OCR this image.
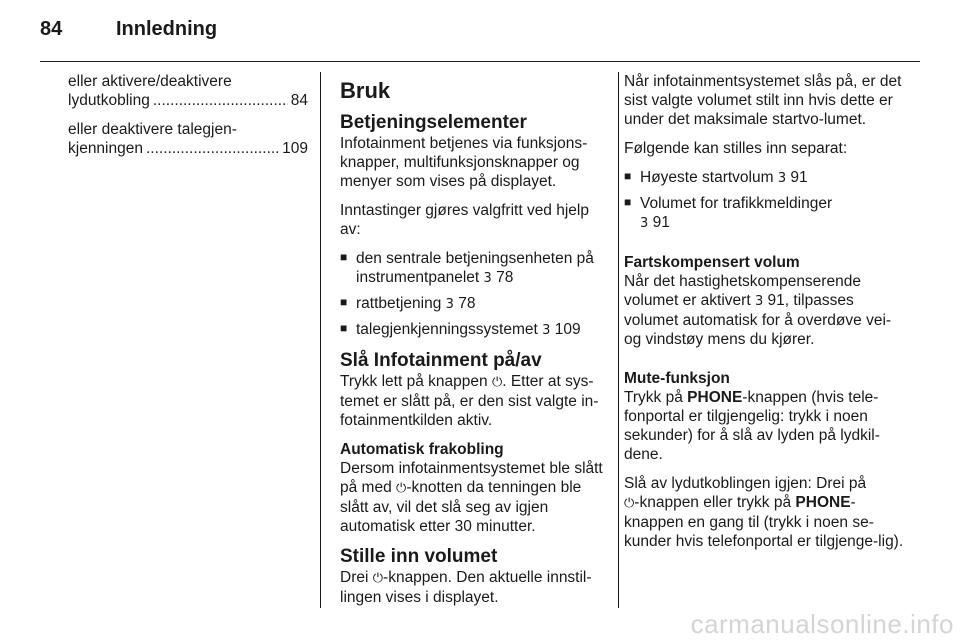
84	Innledning
eller aktivere/deaktivere
lydutkobling .....	84
eller deaktivere talegjen-
kjenningen .....	109
Bruk
Betjeningselementer

Infotainment betjenes via funksjons-knapper, multifunksjonsknapper og menyer som vises på displayet.

Inntastinger gjøres valgfritt ved hjelp av:

■ den sentrale betjeningsenheten på instrumentpanelet 3 78
■ rattbetjening 3 78
■ talegjenkjenningssystemet 3 109
Slå Infotainment på/av

Trykk lett på knappen ⏻. Etter at sys-temet er slått på, er den sist valgte in-fotainmentkilden aktiv.

Automatisk frakobling

Dersom infotainmentsystemet ble slått på med ⏻-knotten da tenningen ble slått av, vil det slå seg av igjen automatisk etter 30 minutter.

Stille inn volumet

Drei ⏻-knappen. Den aktuelle innstil-lingen vises i displayet.

Når infotainmentsystemet slås på, er det sist valgte volumet stilt inn hvis dette er under det maksimale startvo-lumet.

Følgende kan stilles inn separat:

■ Høyeste startvolum 3 91
■ Volumet for trafikkmeldinger
3 91
Fartskompensert volum

Når det hastighetskompenserende volumet er aktivert 3 91, tilpasses volumet automatisk for å overdøve vei- og vindstøy mens du kjører.

Mute-funksjon

Trykk på PHONE-knappen (hvis tele-fonportal er tilgjengelig: trykk i noen sekunder) for å slå av lyden på lydkil-dene.

Slå av lydutkoblingen igjen: Drei på
⏻-knappen eller trykk på PHONE-knappen en gang til (trykk i noen se-kunder hvis telefonportal er tilgjenge-lig).

carmanualsonline.info
